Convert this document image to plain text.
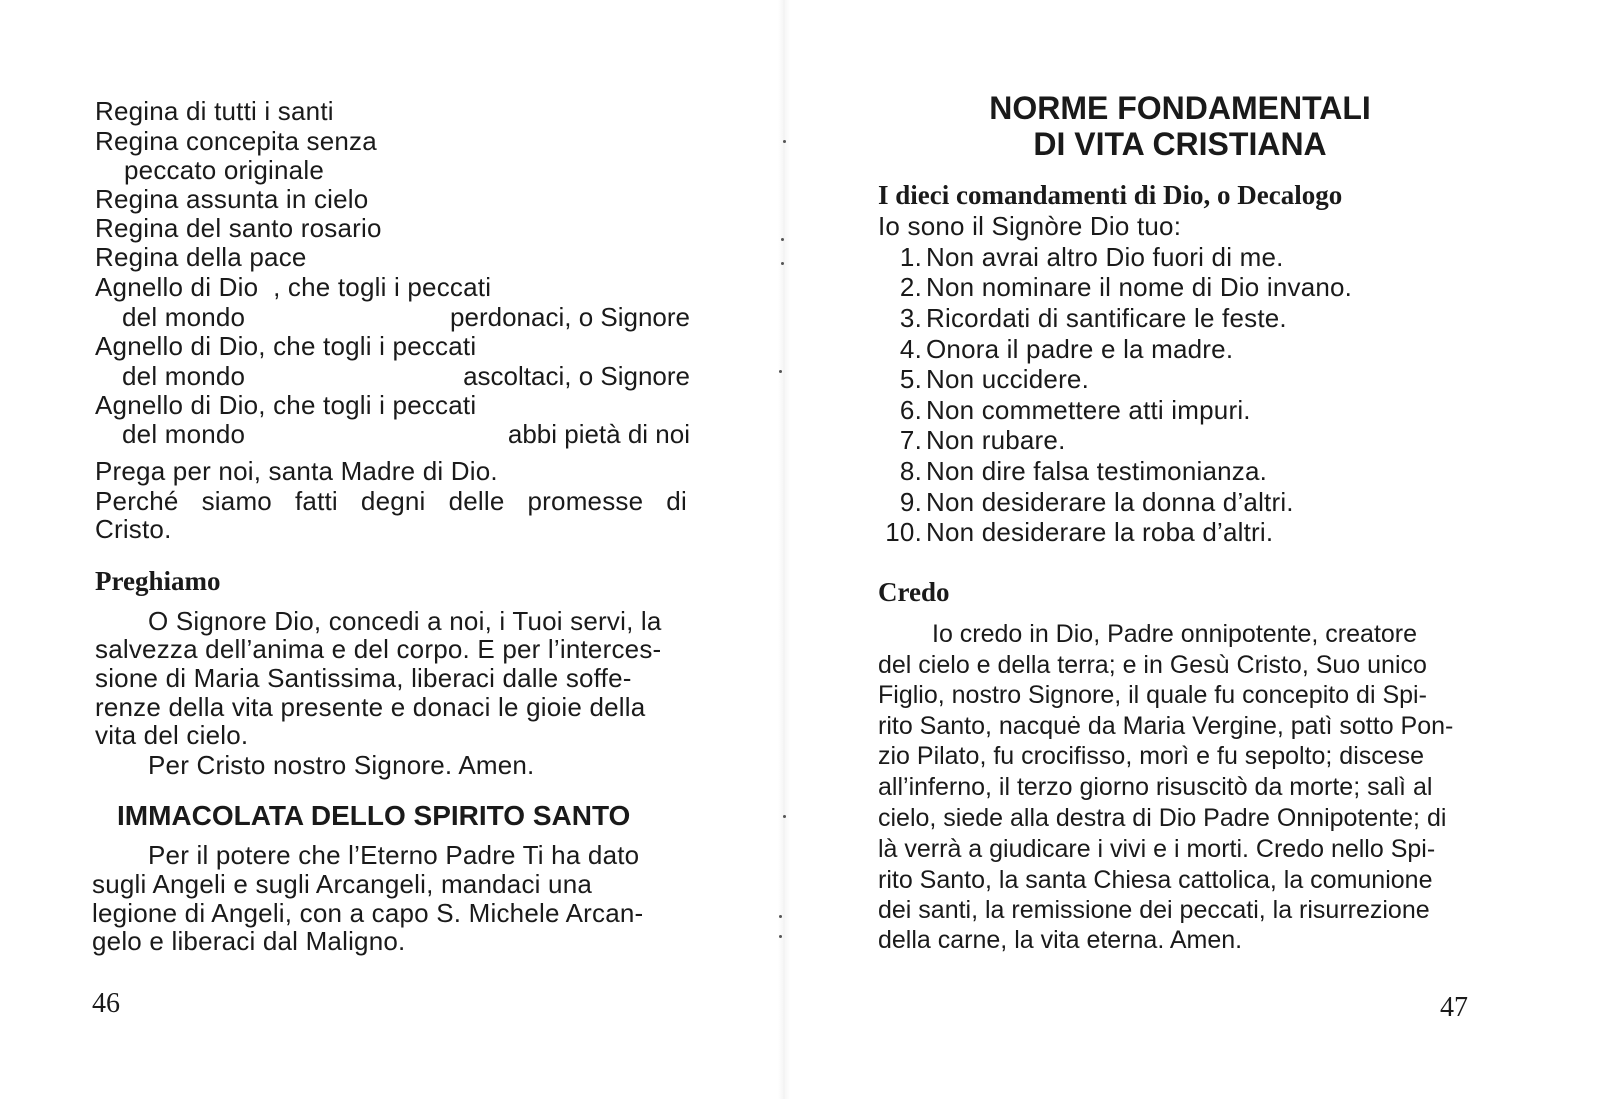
Regina di tutti i santi
Regina concepita senza
peccato originale
Regina assunta in cielo
Regina del santo rosario
Regina della pace
Agnello di Dio  , che togli i peccati
del mondo	perdonaci, o Signore
Agnello di Dio, che togli i peccati
del mondo	ascoltaci, o Signore
Agnello di Dio, che togli i peccati
del mondo	abbi pietà di noi
Prega per noi, santa Madre di Dio.
Perché siamo fatti degni delle promesse di
Cristo.
Preghiamo
O Signore Dio, concedi a noi, i Tuoi servi, la
salvezza dell’anima e del corpo. E per l’interces-
sione di Maria Santissima, liberaci dalle soffe-
renze della vita presente e donaci le gioie della
vita del cielo.
Per Cristo nostro Signore. Amen.
IMMACOLATA DELLO SPIRITO SANTO
Per il potere che l’Eterno Padre Ti ha dato
sugli Angeli e sugli Arcangeli, mandaci una
legione di Angeli, con a capo S. Michele Arcan-
gelo e liberaci dal Maligno.
46
NORME FONDAMENTALI
DI VITA CRISTIANA
I dieci comandamenti di Dio, o Decalogo
Io sono il Signòre Dio tuo:
1. Non avrai altro Dio fuori di me.
2. Non nominare il nome di Dio invano.
3. Ricordati di santificare le feste.
4. Onora il padre e la madre.
5. Non uccidere.
6. Non commettere atti impuri.
7. Non rubare.
8. Non dire falsa testimonianza.
9. Non desiderare la donna d’altri.
10. Non desiderare la roba d’altri.
Credo
Io credo in Dio, Padre onnipotente, creatore
del cielo e della terra; e in Gesù Cristo, Suo unico
Figlio, nostro Signore, il quale fu concepito di Spi-
rito Santo, nacquė da Maria Vergine, patì sotto Pon-
zio Pilato, fu crocifisso, morì e fu sepolto; discese
all’inferno, il terzo giorno risuscitò da morte; salì al
cielo, siede alla destra di Dio Padre Onnipotente; di
là verrà a giudicare i vivi e i morti. Credo nello Spi-
rito Santo, la santa Chiesa cattolica, la comunione
dei santi, la remissione dei peccati, la risurrezione
della carne, la vita eterna. Amen.
47
